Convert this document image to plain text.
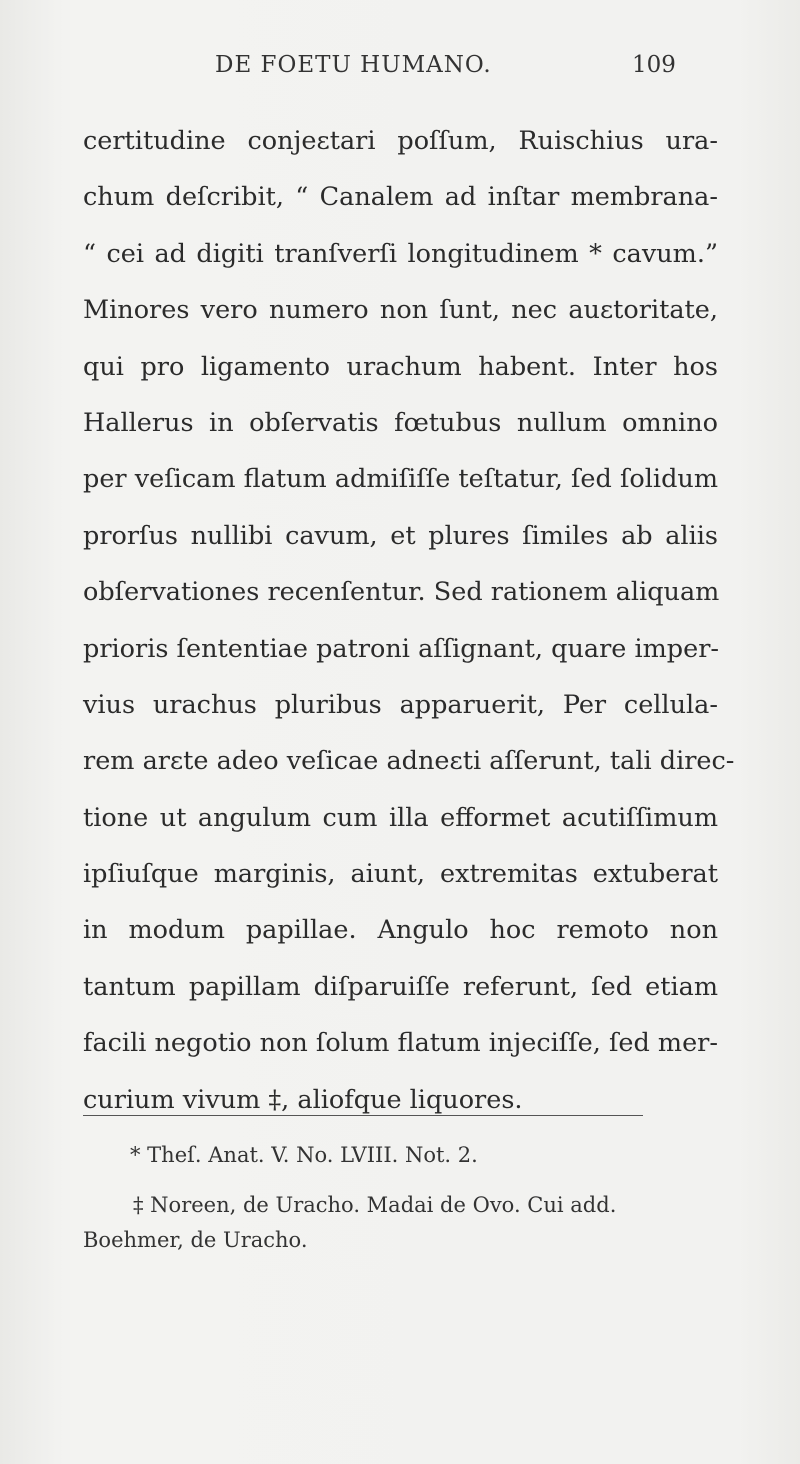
DE FOETU HUMANO.	109
certitudine conjeɛtari poſſum, Ruischius ura-
chum deſcribit, “ Canalem ad inſtar membrana-
“ cei ad digiti tranſverſi longitudinem * cavum.”
Minores vero numero non ſunt, nec auɛtoritate,
qui pro ligamento urachum habent. Inter hos
Hallerus in obſervatis fœtubus nullum omnino
per veſicam flatum admiſiſſe teſtatur, ſed ſolidum
prorſus nullibi cavum, et plures ſimiles ab aliis
obſervationes recenſentur. Sed rationem aliquam
prioris ſententiae patroni aſſignant, quare imper-
vius urachus pluribus apparuerit, Per cellula-
rem arɛte adeo veſicae adneɛti aſſerunt, tali direc-
tione ut angulum cum illa efformet acutiſſimum
ipſiuſque marginis, aiunt, extremitas extuberat
in modum papillae. Angulo hoc remoto non
tantum papillam diſparuiſſe referunt, ſed etiam
facili negotio non ſolum flatum injeciſſe, ſed mer-
curium vivum ‡, aliofque liquores.
* Theſ. Anat. V. No. LVIII. Not. 2.
‡ Noreen, de Uracho. Madai de Ovo. Cui add.
Boehmer, de Uracho.
